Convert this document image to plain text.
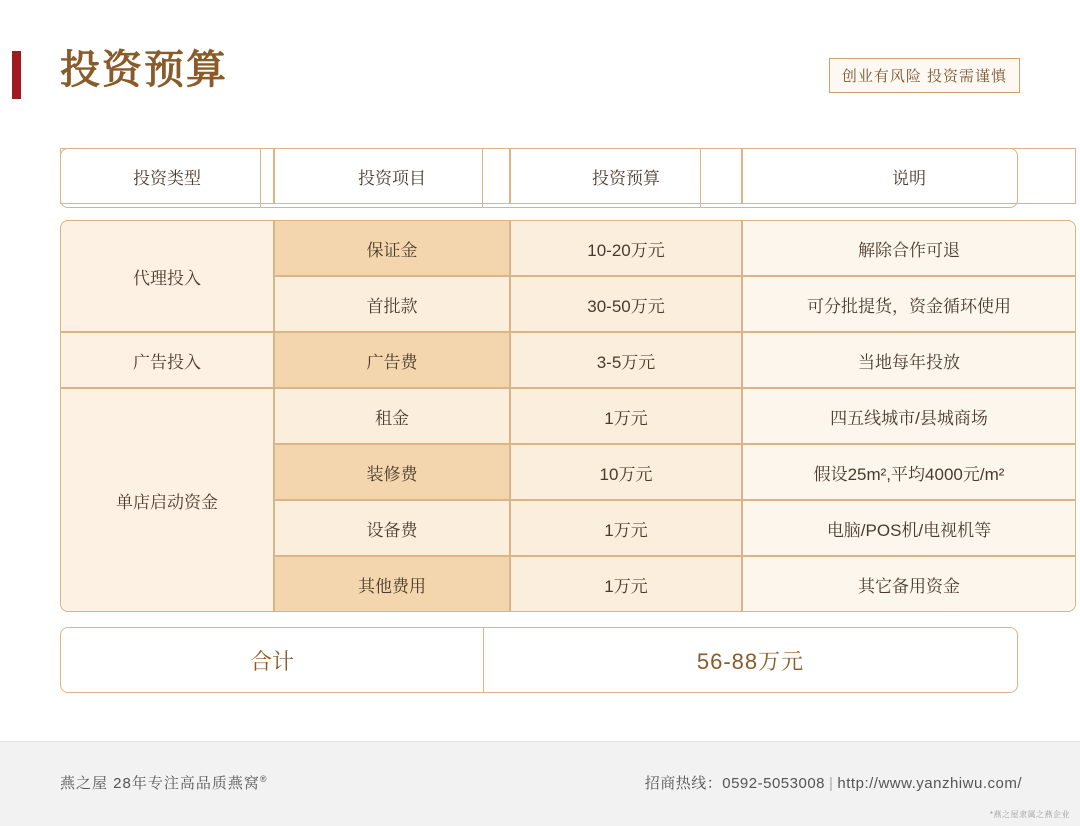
投资预算	创业有风险 投资需谨慎
投资类型	投资项目	投资预算	说明
代理投入	保证金	10-20万元	解除合作可退
	首批款	30-50万元	可分批提货，资金循环使用
广告投入	广告费	3-5万元	当地每年投放
单店启动资金	租金	1万元	四五线城市/县城商场
	装修费	10万元	假设25m²,平均4000元/m²
	设备费	1万元	电脑/POS机/电视机等
	其他费用	1万元	其它备用资金
合计	56-88万元
燕之屋 28年专注高品质燕窝®	招商热线：0592-5053008 | http://www.yanzhiwu.com/
*燕之屋隶属之燕企业
